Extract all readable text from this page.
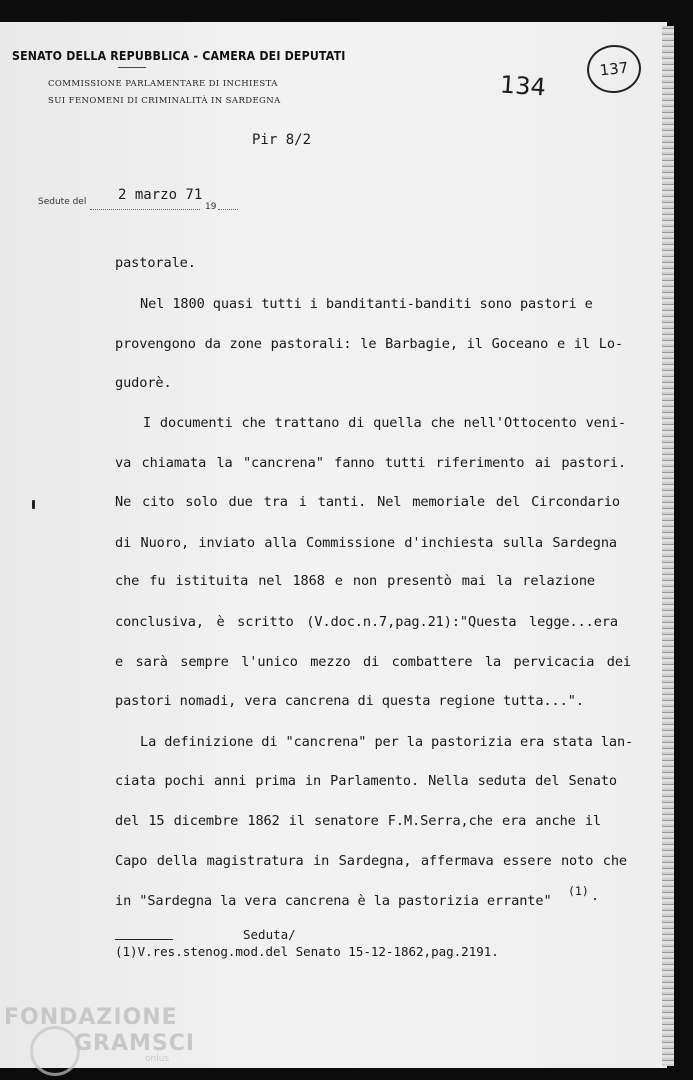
SENATO DELLA REPUBBLICA - CAMERA DEI DEPUTATI
COMMISSIONE PARLAMENTARE DI INCHIESTA
SUI FENOMENI DI CRIMINALITÀ IN SARDEGNA	134
137
Pir 8/2
Sedute del 2 marzo 71
19
pastorale.
Nel 1800 quasi tutti i banditanti-banditi sono pastori e
provengono da zone pastorali: le Barbagie, il Goceano e il Lo-
gudorè.
I documenti che trattano di quella che nell'Ottocento veni-
va chiamata la "cancrena" fanno tutti riferimento ai pastori.
Ne cito solo due tra i tanti. Nel memoriale del Circondario
di Nuoro, inviato alla Commissione d'inchiesta sulla Sardegna
che fu istituita nel 1868 e non presentò mai la relazione
conclusiva, è scritto (V.doc.n.7,pag.21):"Questa legge...era
e sarà sempre l'unico mezzo di combattere la pervicacia dei
pastori nomadi, vera cancrena di questa regione tutta...".
La definizione di "cancrena" per la pastorizia era stata lan-
ciata pochi anni prima in Parlamento. Nella seduta del Senato
del 15 dicembre 1862 il senatore F.M.Serra,che era anche il
Capo della magistratura in Sardegna, affermava essere noto che
in "Sardegna la vera cancrena è la pastorizia errante"
(1) .
Seduta/
(1)V.res.stenog.mod.del Senato 15-12-1862,pag.2191.
FONDAZIONE
GRAMSCI
onlus
